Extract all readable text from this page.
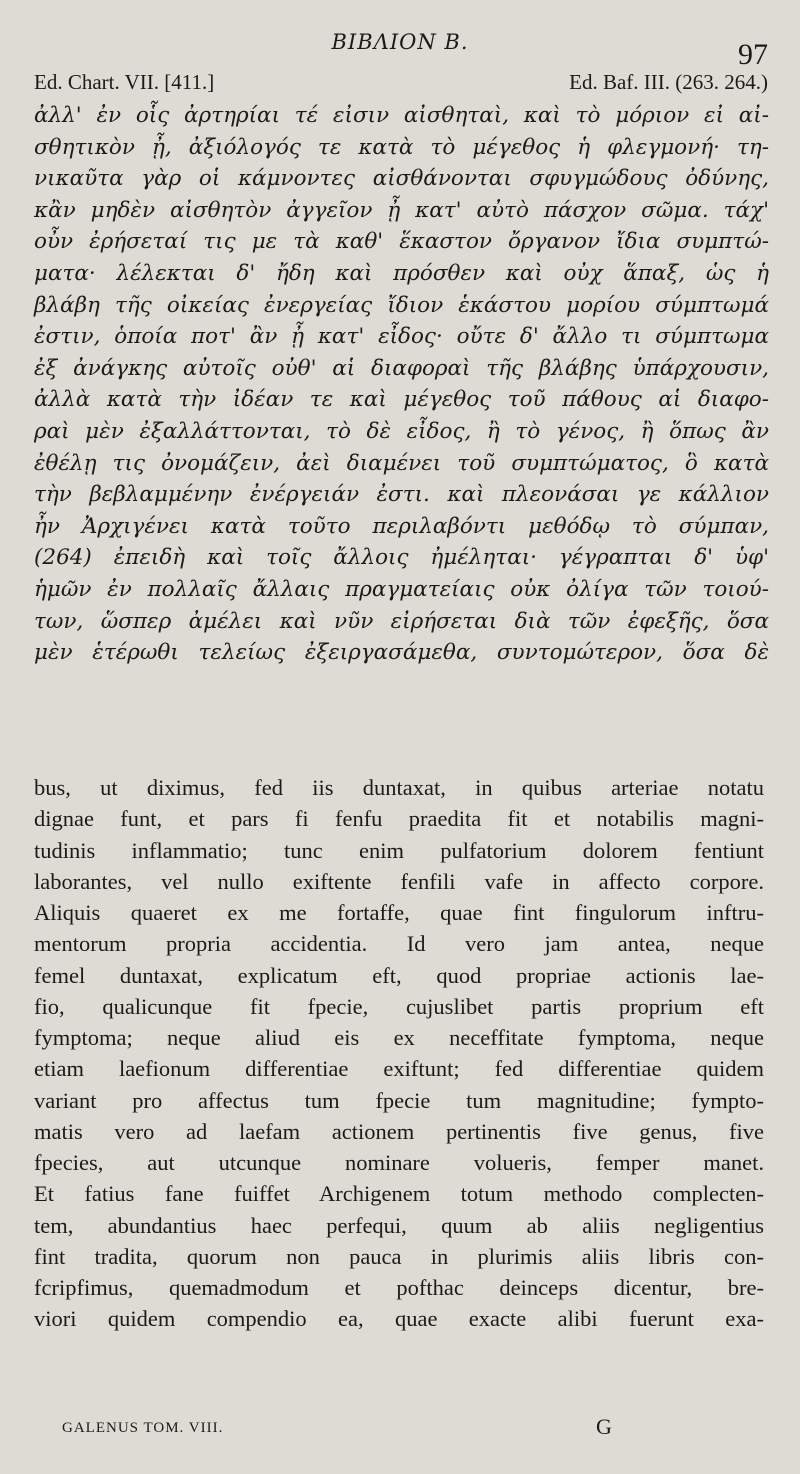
BIBΛΙΟΝ B.	97
Ed. Chart. VII. [411.]	Ed. Baf. III. (263. 264.)
ἀλλ' ἐν οἷς ἀρτηρίαι τέ εἰσιν αἰσθηταὶ, καὶ τὸ μόριον εἰ αἰ-
σθητικὸν ᾖ, ἀξιόλογός τε κατὰ τὸ μέγεθος ἡ φλεγμονή· τη-
νικαῦτα γὰρ οἱ κάμνοντες αἰσθάνονται σφυγμώδους ὀδύνης,
κἂν μηδὲν αἰσθητὸν ἀγγεῖον ᾖ κατ' αὐτὸ πάσχον σῶμα. τάχ'
οὖν ἐρήσεταί τις με τὰ καθ' ἕκαστον ὄργανον ἴδια συμπτώ-
ματα· λέλεκται δ' ἤδη καὶ πρόσθεν καὶ οὐχ ἅπαξ, ὡς ἡ
βλάβη τῆς οἰκείας ἐνεργείας ἴδιον ἑκάστου μορίου σύμπτωμά
ἐστιν, ὁποία ποτ' ἂν ᾖ κατ' εἶδος· οὔτε δ' ἄλλο τι σύμπτωμα
ἐξ ἀνάγκης αὐτοῖς οὐθ' αἱ διαφοραὶ τῆς βλάβης ὑπάρχουσιν,
ἀλλὰ κατὰ τὴν ἰδέαν τε καὶ μέγεθος τοῦ πάθους αἱ διαφο-
ραὶ μὲν ἐξαλλάττονται, τὸ δὲ εἶδος, ἢ τὸ γένος, ἢ ὅπως ἂν
ἐθέλῃ τις ὀνομάζειν, ἀεὶ διαμένει τοῦ συμπτώματος, ὃ κατὰ
τὴν βεβλαμμένην ἐνέργειάν ἐστι. καὶ πλεονάσαι γε κάλλιον
ἦν Ἀρχιγένει κατὰ τοῦτο περιλαβόντι μεθόδῳ τὸ σύμπαν,
(264) ἐπειδὴ καὶ τοῖς ἄλλοις ἠμέληται· γέγραπται δ' ὑφ'
ἡμῶν ἐν πολλαῖς ἄλλαις πραγματείαις οὐκ ὀλίγα τῶν τοιού-
των, ὥσπερ ἀμέλει καὶ νῦν εἰρήσεται διὰ τῶν ἐφεξῆς, ὅσα
μὲν ἑτέρωθι τελείως ἐξειργασάμεθα, συντομώτερον, ὅσα δὲ
bus, ut diximus, fed iis duntaxat, in quibus arteriae notatu
dignae funt, et pars fi fenfu praedita fit et notabilis magni-
tudinis inflammatio; tunc enim pulfatorium dolorem fentiunt
laborantes, vel nullo exiftente fenfili vafe in affecto corpore.
Aliquis quaeret ex me fortaffe, quae fint fingulorum inftru-
mentorum propria accidentia. Id vero jam antea, neque
femel duntaxat, explicatum eft, quod propriae actionis lae-
fio, qualicunque fit fpecie, cujuslibet partis proprium eft
fymptoma; neque aliud eis ex neceffitate fymptoma, neque
etiam laefionum differentiae exiftunt; fed differentiae quidem
variant pro affectus tum fpecie tum magnitudine; fympto-
matis vero ad laefam actionem pertinentis five genus, five
fpecies, aut utcunque nominare volueris, femper manet.
Et fatius fane fuiffet Archigenem totum methodo complecten-
tem, abundantius haec perfequi, quum ab aliis negligentius
fint tradita, quorum non pauca in plurimis aliis libris con-
fcripfimus, quemadmodum et pofthac deinceps dicentur, bre-
viori quidem compendio ea, quae exacte alibi fuerunt exa-
GALENUS TOM. VIII.	G
